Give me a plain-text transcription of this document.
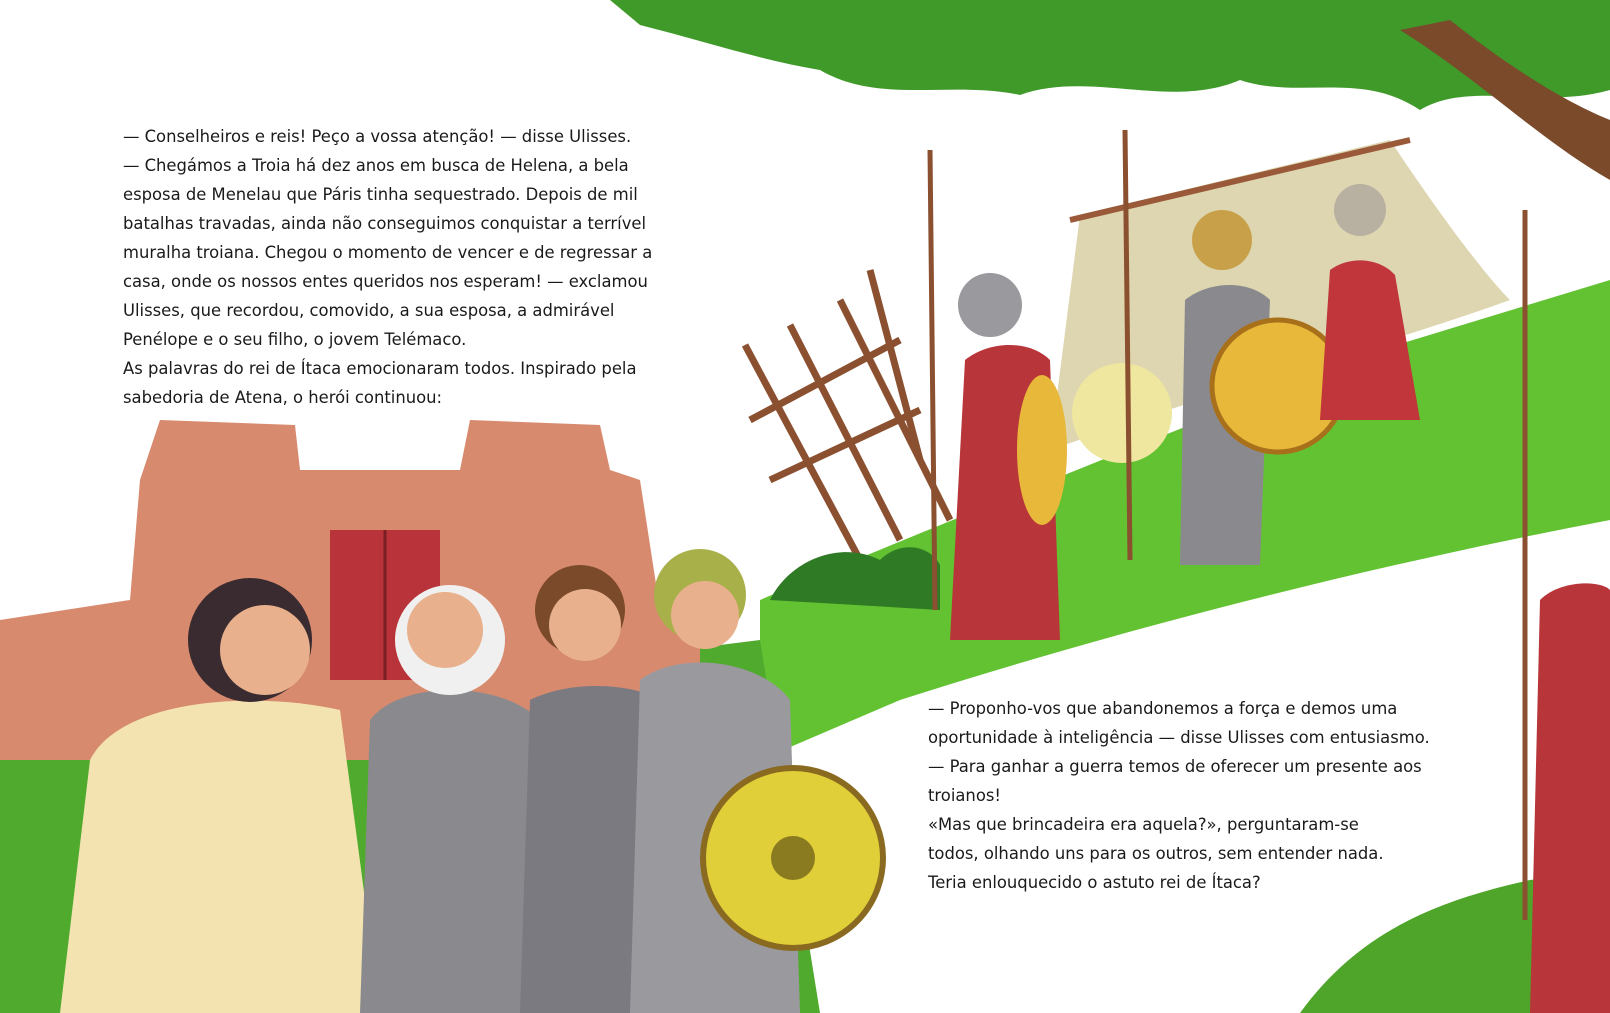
— Conselheiros e reis! Peço a vossa atenção! — disse Ulisses.
— Chegámos a Troia há dez anos em busca de Helena, a bela
esposa de Menelau que Páris tinha sequestrado. Depois de mil
batalhas travadas, ainda não conseguimos conquistar a terrível
muralha troiana. Chegou o momento de vencer e de regressar a
casa, onde os nossos entes queridos nos esperam! — exclamou
Ulisses, que recordou, comovido, a sua esposa, a admirável
Penélope e o seu filho, o jovem Telémaco.
As palavras do rei de Ítaca emocionaram todos. Inspirado pela
sabedoria de Atena, o herói continuou:
— Proponho-vos que abandonemos a força e demos uma
oportunidade à inteligência — disse Ulisses com entusiasmo.
— Para ganhar a guerra temos de oferecer um presente aos
troianos!
«Mas que brincadeira era aquela?», perguntaram-se
todos, olhando uns para os outros, sem entender nada.
Teria enlouquecido o astuto rei de Ítaca?
